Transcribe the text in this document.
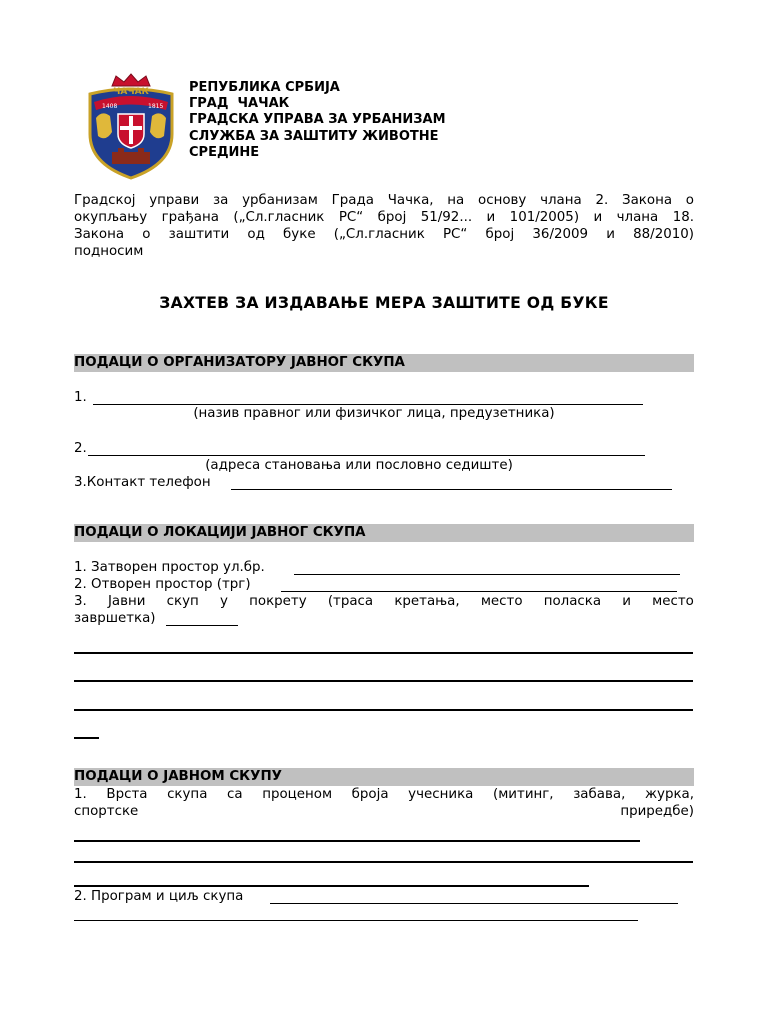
ЧАЧАК
1408	1815
РЕПУБЛИКА СРБИЈА
ГРАД  ЧАЧАК
ГРАДСКА УПРАВА ЗА УРБАНИЗАМ
СЛУЖБА ЗА ЗАШТИТУ ЖИВОТНЕ
СРЕДИНЕ
Градској управи за урбанизам Града Чачка, на основу члана 2. Закона о
окупљању грађана („Сл.гласник РС“ број 51/92... и 101/2005) и члана 18.
Закона о заштити од буке („Сл.гласник РС“ број 36/2009 и 88/2010)
подносим
ЗАХТЕВ ЗА ИЗДАВАЊЕ МЕРА ЗАШТИТЕ ОД БУКЕ
ПОДАЦИ О ОРГАНИЗАТОРУ ЈАВНОГ СКУПА
1.
(назив правног или физичког лица, предузетника)
2.
(адреса становања или пословно седиште)
3.Контакт телефон
ПОДАЦИ О ЛОКАЦИЈИ ЈАВНОГ СКУПА
1. Затворен простор ул.бр.
2. Отворен простор (трг)
3. Јавни скуп у покрету (траса кретања, место поласка и место
завршетка)
ПОДАЦИ О ЈАВНОМ СКУПУ
1. Врста скупа са проценом броја учесника (митинг, забава, журка,
спортске	приредбе)
2. Програм и циљ скупа
